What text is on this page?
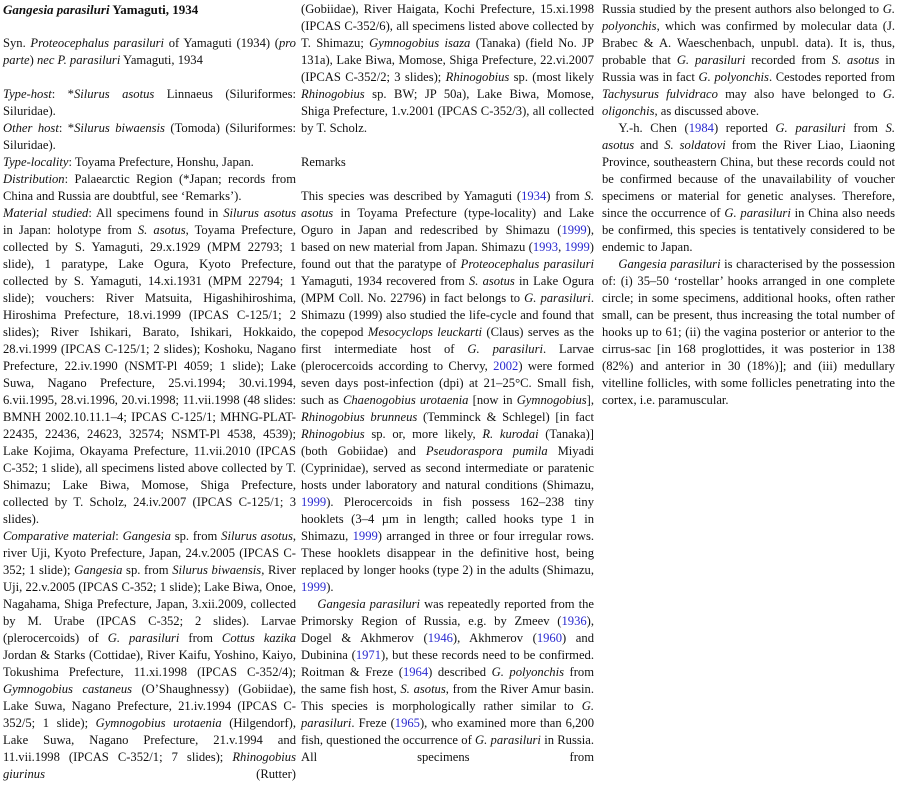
Gangesia parasiluri Yamaguti, 1934

Syn. Proteocephalus parasiluri of Yamaguti (1934) (pro parte) nec P. parasiluri Yamaguti, 1934

Type-host: *Silurus asotus Linnaeus (Siluriformes: Siluridae).

Other host: *Silurus biwaensis (Tomoda) (Siluriformes: Siluridae).

Type-locality: Toyama Prefecture, Honshu, Japan.

Distribution: Palaearctic Region (*Japan; records from China and Russia are doubtful, see ‘Remarks’).

Material studied: All specimens found in Silurus asotus in Japan: holotype from S. asotus, Toyama Prefecture, collected by S. Yamaguti, 29.x.1929 (MPM 22793; 1 slide), 1 paratype, Lake Ogura, Kyoto Prefecture, collected by S. Yamaguti, 14.xi.1931 (MPM 22794; 1 slide); vouchers: River Matsuita, Higashihiroshima, Hiroshima Prefecture, 18.vi.1999 (IPCAS C-125/1; 2 slides); River Ishikari, Barato, Ishikari, Hokkaido, 28.vi.1999 (IPCAS C-125/1; 2 slides); Koshoku, Nagano Prefecture, 22.iv.1990 (NSMT-Pl 4059; 1 slide); Lake Suwa, Nagano Prefecture, 25.vi.1994; 30.vi.1994, 6.vii.1995, 28.vi.1996, 20.vi.1998; 11.vii.1998 (48 slides: BMNH 2002.10.11.1–4; IPCAS C-125/1; MHNG-PLAT-22435, 22436, 24623, 32574; NSMT-Pl 4538, 4539); Lake Kojima, Okayama Prefecture, 11.vii.2010 (IPCAS C-352; 1 slide), all specimens listed above collected by T. Shimazu; Lake Biwa, Momose, Shiga Prefecture, collected by T. Scholz, 24.iv.2007 (IPCAS C-125/1; 3 slides).

Comparative material: Gangesia sp. from Silurus asotus, river Uji, Kyoto Prefecture, Japan, 24.v.2005 (IPCAS C-352; 1 slide); Gangesia sp. from Silurus biwaensis, River Uji, 22.v.2005 (IPCAS C-352; 1 slide); Lake Biwa, Onoe, Nagahama, Shiga Prefecture, Japan, 3.xii.2009, collected by M. Urabe (IPCAS C-352; 2 slides). Larvae (plerocercoids) of G. parasiluri from Cottus kazika Jordan & Starks (Cottidae), River Kaifu, Yoshino, Kaiyo, Tokushima Prefecture, 11.xi.1998 (IPCAS C-352/4); Gymnogobius castaneus (O’Shaughnessy) (Gobiidae), Lake Suwa, Nagano Prefecture, 21.iv.1994 (IPCAS C-352/5; 1 slide); Gymnogobius urotaenia (Hilgendorf), Lake Suwa, Nagano Prefecture, 21.v.1994 and 11.vii.1998 (IPCAS C-352/1; 7 slides); Rhinogobius giurinus (Rutter)

(Gobiidae), River Haigata, Kochi Prefecture, 15.xi.1998 (IPCAS C-352/6), all specimens listed above collected by T. Shimazu; Gymnogobius isaza (Tanaka) (field No. JP 131a), Lake Biwa, Momose, Shiga Prefecture, 22.vi.2007 (IPCAS C-352/2; 3 slides); Rhinogobius sp. (most likely Rhinogobius sp. BW; JP 50a), Lake Biwa, Momose, Shiga Prefecture, 1.v.2001 (IPCAS C-352/3), all collected by T. Scholz.

Remarks

This species was described by Yamaguti (1934) from S. asotus in Toyama Prefecture (type-locality) and Lake Oguro in Japan and redescribed by Shimazu (1999), based on new material from Japan. Shimazu (1993, 1999) found out that the paratype of Proteocephalus parasiluri Yamaguti, 1934 recovered from S. asotus in Lake Ogura (MPM Coll. No. 22796) in fact belongs to G. parasiluri. Shimazu (1999) also studied the life-cycle and found that the copepod Mesocyclops leuckarti (Claus) serves as the first intermediate host of G. parasiluri. Larvae (plerocercoids according to Chervy, 2002) were formed seven days post-infection (dpi) at 21–25°C. Small fish, such as Chaenogobius urotaenia [now in Gymnogobius], Rhinogobius brunneus (Temminck & Schlegel) [in fact Rhinogobius sp. or, more likely, R. kurodai (Tanaka)] (both Gobiidae) and Pseudoraspora pumila Miyadi (Cyprinidae), served as second intermediate or paratenic hosts under laboratory and natural conditions (Shimazu, 1999). Plerocercoids in fish possess 162–238 tiny hooklets (3–4 µm in length; called hooks type 1 in Shimazu, 1999) arranged in three or four irregular rows. These hooklets disappear in the definitive host, being replaced by longer hooks (type 2) in the adults (Shimazu, 1999).

Gangesia parasiluri was repeatedly reported from the Primorsky Region of Russia, e.g. by Zmeev (1936), Dogel & Akhmerov (1946), Akhmerov (1960) and Dubinina (1971), but these records need to be confirmed. Roitman & Freze (1964) described G. polyonchis from the same fish host, S. asotus, from the River Amur basin. This species is morphologically rather similar to G. parasiluri. Freze (1965), who examined more than 6,200 fish, questioned the occurrence of G. parasiluri in Russia. All specimens from

Russia studied by the present authors also belonged to G. polyonchis, which was confirmed by molecular data (J. Brabec & A. Waeschenbach, unpubl. data). It is, thus, probable that G. parasiluri recorded from S. asotus in Russia was in fact G. polyonchis. Cestodes reported from Tachysurus fulvidraco may also have belonged to G. oligonchis, as discussed above.

Y.-h. Chen (1984) reported G. parasiluri from S. asotus and S. soldatovi from the River Liao, Liaoning Province, southeastern China, but these records could not be confirmed because of the unavailability of voucher specimens or material for genetic analyses. Therefore, since the occurrence of G. parasiluri in China also needs be confirmed, this species is tentatively considered to be endemic to Japan.

Gangesia parasiluri is characterised by the possession of: (i) 35–50 ‘rostellar’ hooks arranged in one complete circle; in some specimens, additional hooks, often rather small, can be present, thus increasing the total number of hooks up to 61; (ii) the vagina posterior or anterior to the cirrus-sac [in 168 proglottides, it was posterior in 138 (82%) and anterior in 30 (18%)]; and (iii) medullary vitelline follicles, with some follicles penetrating into the cortex, i.e. paramuscular.
